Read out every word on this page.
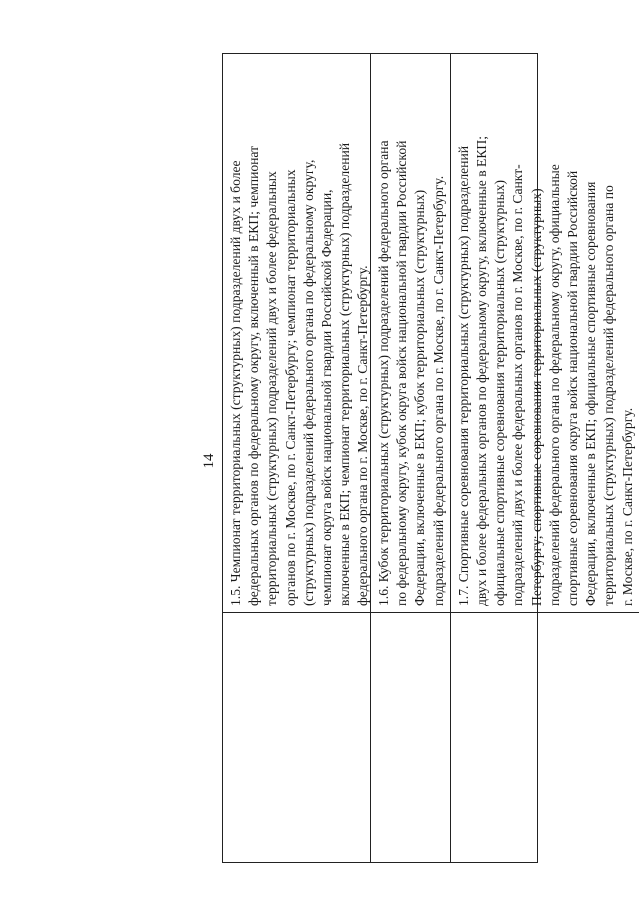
14
1.5. Чемпионат территориальных (структурных) подразделений двух и более
федеральных органов по федеральному округу, включенный в ЕКП; чемпионат
территориальных (структурных) подразделений двух и более федеральных
органов по г. Москве, по г. Санкт-Петербургу; чемпионат территориальных
(структурных) подразделений федерального органа по федеральному округу,
чемпионат округа войск национальной гвардии Российской Федерации,
включенные в ЕКП; чемпионат территориальных (структурных) подразделений
федерального органа по г. Москве, по г. Санкт-Петербургу.
1.6. Кубок территориальных (структурных) подразделений федерального органа
по федеральному округу, кубок округа войск национальной гвардии Российской
Федерации, включенные в ЕКП; кубок территориальных (структурных)
подразделений федерального органа по г. Москве, по г. Санкт-Петербургу.
1.7. Спортивные соревнования территориальных (структурных) подразделений
двух и более федеральных органов по федеральному округу, включенные в ЕКП;
официальные спортивные соревнования территориальных (структурных)
подразделений двух и более федеральных органов по г. Москве, по г. Санкт-
Петербургу; спортивные соревнования территориальных (структурных)
подразделений федерального органа по федеральному округу, официальные
спортивные соревнования округа войск национальной гвардии Российской
Федерации, включенные в ЕКП; официальные спортивные соревнования
территориальных (структурных) подразделений федерального органа по
г. Москве, по г. Санкт-Петербургу.
